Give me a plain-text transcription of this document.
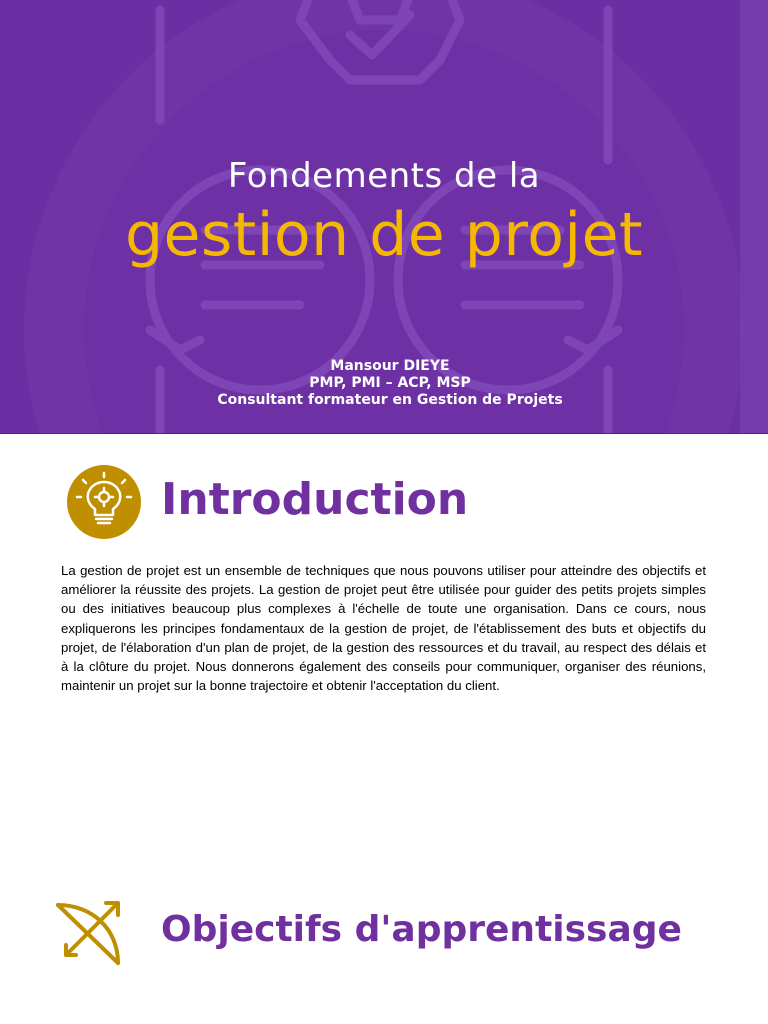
Fondements de la
gestion de projet
Mansour DIEYE
PMP, PMI – ACP, MSP
Consultant formateur en Gestion de Projets
Introduction
La gestion de projet est un ensemble de techniques que nous pouvons utiliser pour atteindre des objectifs et améliorer la réussite des projets. La gestion de projet peut être utilisée pour guider des petits projets simples ou des initiatives beaucoup plus complexes à l'échelle de toute une organisation. Dans ce cours, nous expliquerons les principes fondamentaux de la gestion de projet, de l'établissement des buts et objectifs du projet, de l'élaboration d'un plan de projet, de la gestion des ressources et du travail, au respect des délais et à la clôture du projet. Nous donnerons également des conseils pour communiquer, organiser des réunions, maintenir un projet sur la bonne trajectoire et obtenir l'acceptation du client.
Objectifs d'apprentissage
